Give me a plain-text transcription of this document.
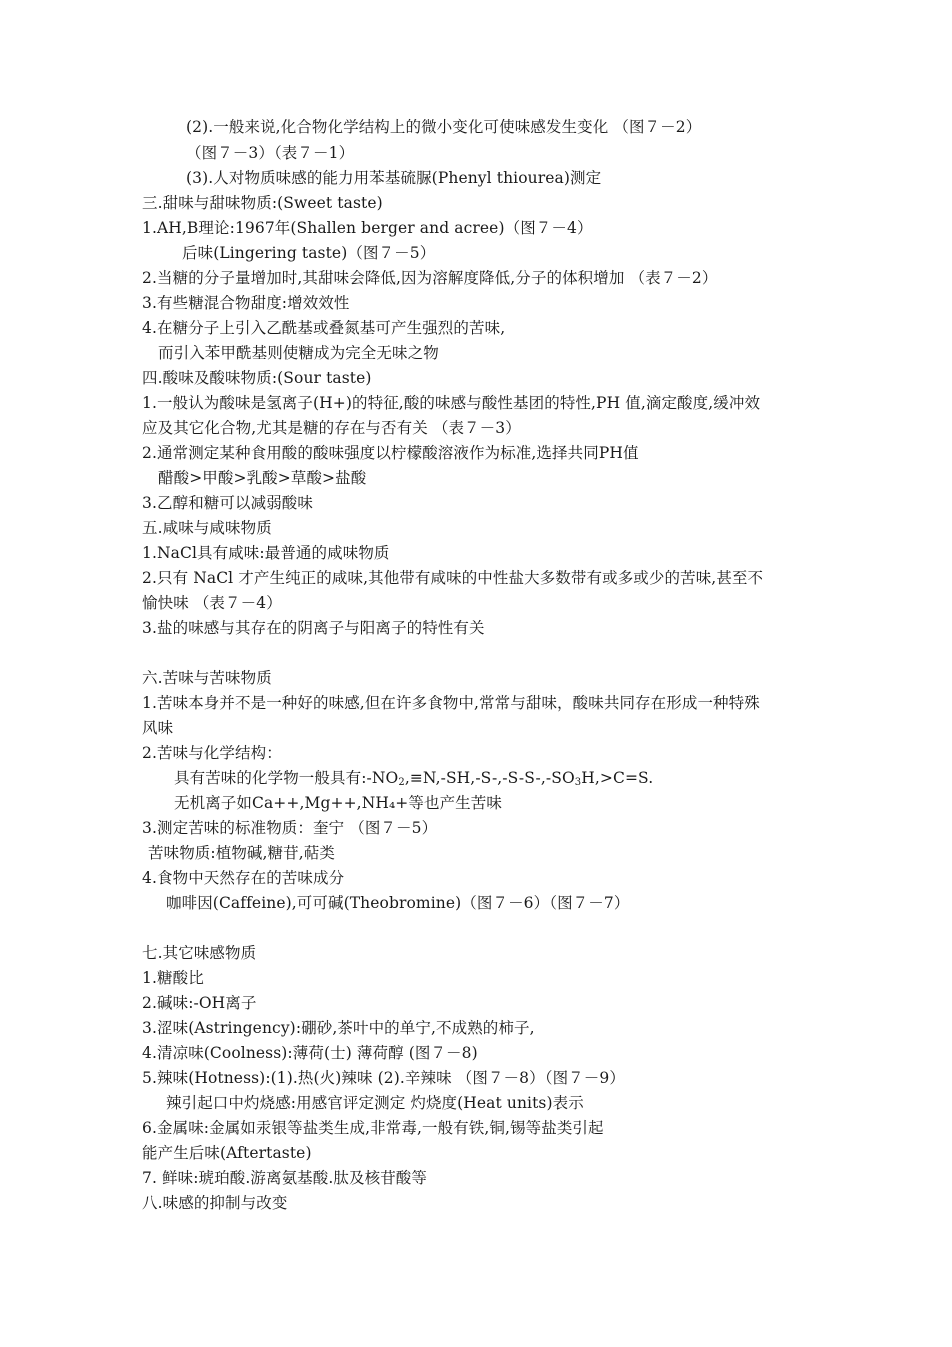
(2).一般来说,化合物化学结构上的微小变化可使味感发生变化 （图７－2）
（图７－3）（表７－1）
(3).人对物质味感的能力用苯基硫脲(Phenyl thiourea)测定
三.甜味与甜味物质:(Sweet taste)
1.AH,B理论:1967年(Shallen berger and acree)（图７－4）
后味(Lingering taste)（图７－5）
2.当糖的分子量增加时,其甜味会降低,因为溶解度降低,分子的体积增加 （表７－2）
3.有些糖混合物甜度:增效效性
4.在糖分子上引入乙酰基或叠氮基可产生强烈的苦味,
而引入苯甲酰基则使糖成为完全无味之物
四.酸味及酸味物质:(Sour taste)
1.一般认为酸味是氢离子(H+)的特征,酸的味感与酸性基团的特性,PH 值,滴定酸度,缓冲效
应及其它化合物,尤其是糖的存在与否有关 （表７－3）
2.通常测定某种食用酸的酸味强度以柠檬酸溶液作为标准,选择共同PH值
醋酸>甲酸>乳酸>草酸>盐酸
3.乙醇和糖可以减弱酸味
五.咸味与咸味物质
1.NaCl具有咸味:最普通的咸味物质
2.只有 NaCl 才产生纯正的咸味,其他带有咸味的中性盐大多数带有或多或少的苦味,甚至不
愉快味 （表７－4）
3.盐的味感与其存在的阴离子与阳离子的特性有关
六.苦味与苦味物质
1.苦味本身并不是一种好的味感,但在许多食物中,常常与甜味，酸味共同存在形成一种特殊
风味
2.苦味与化学结构：
具有苦味的化学物一般具有$:-NO_2,\equiv N,-SH,-S-,-S-S-,-SO_3H,>C=S$.
无机离子如Ca++,Mg++,NH₄+等也产生苦味
3.测定苦味的标准物质：奎宁 （图７－5）
苦味物质:植物碱,糖苷,萜类
4.食物中天然存在的苦味成分
咖啡因(Caffeine),可可碱(Theobromine)（图７－6）（图７－7）
七.其它味感物质
1.糖酸比
2.碱味:-OH离子
3.涩味(Astringency):硼砂,茶叶中的单宁,不成熟的柿子,
4.清凉味(Coolness):薄荷(士) 薄荷醇 (图７－8)
5.辣味(Hotness):(1).热(火)辣味 (2).辛辣味 （图７－8）（图７－9）
辣引起口中灼烧感:用感官评定测定 灼烧度(Heat units)表示
6.金属味:金属如汞银等盐类生成,非常毒,一般有铁,铜,锡等盐类引起
能产生后味(Aftertaste)
7. 鲜味:琥珀酸.游离氨基酸.肽及核苷酸等
八.味感的抑制与改变
